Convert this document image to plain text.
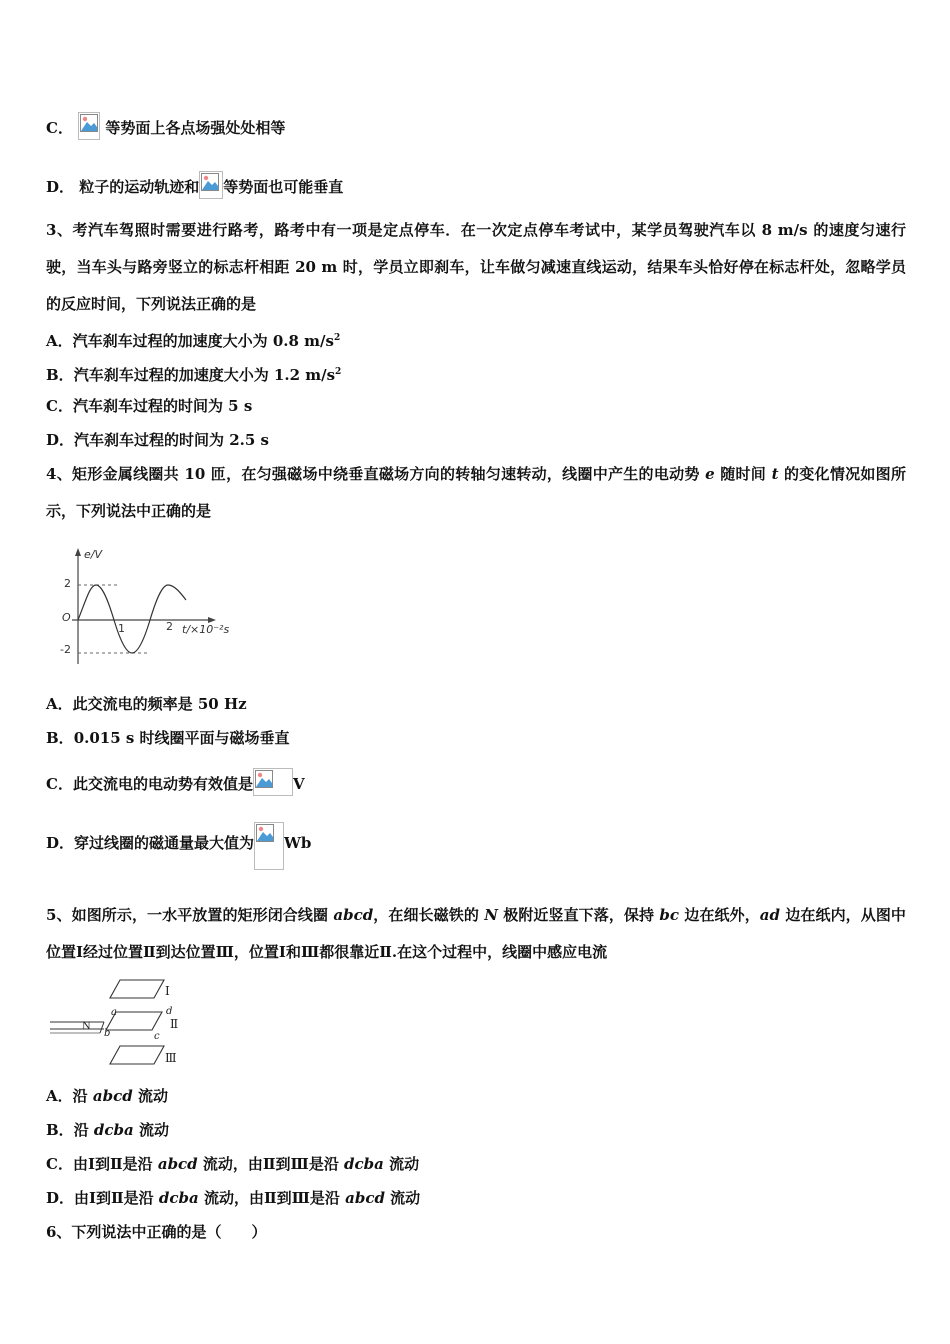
C． 等势面上各点场强处处相等
D． 粒子的运动轨迹和 等势面也可能垂直
3、考汽车驾照时需要进行路考，路考中有一项是定点停车．在一次定点停车考试中，某学员驾驶汽车以 8 m/s 的速度匀速行驶，当车头与路旁竖立的标志杆相距 20 m 时，学员立即刹车，让车做匀减速直线运动，结果车头恰好停在标志杆处，忽略学员的反应时间，下列说法正确的是
A．汽车刹车过程的加速度大小为 0.8 $m/s^2$
B．汽车刹车过程的加速度大小为 1.2 $m/s^2$
C．汽车刹车过程的时间为 5 s
D．汽车刹车过程的时间为 2.5 s
4、矩形金属线圈共 10 匝，在匀强磁场中绕垂直磁场方向的转轴匀速转动，线圈中产生的电动势 e 随时间 t 的变化情况如图所示，下列说法中正确的是
e/V
t/×10⁻²s
O
2
-2
1	2
A．此交流电的频率是 50 Hz
B．0.015 s 时线圈平面与磁场垂直
C．此交流电的电动势有效值是	V
D．穿过线圈的磁通量最大值为 Wb
5、如图所示，一水平放置的矩形闭合线圈 abcd，在细长磁铁的 N 极附近竖直下落，保持 bc 边在纸外，ad 边在纸内，从图中位置Ⅰ经过位置Ⅱ到达位置Ⅲ，位置Ⅰ和Ⅲ都很靠近Ⅱ.在这个过程中，线圈中感应电流
N
a
b	c
d
Ⅰ
Ⅱ
Ⅲ
A．沿 abcd 流动
B．沿 dcba 流动
C．由Ⅰ到Ⅱ是沿 abcd 流动，由Ⅱ到Ⅲ是沿 dcba 流动
D．由Ⅰ到Ⅱ是沿 dcba 流动，由Ⅱ到Ⅲ是沿 abcd 流动
6、下列说法中正确的是（　　）
